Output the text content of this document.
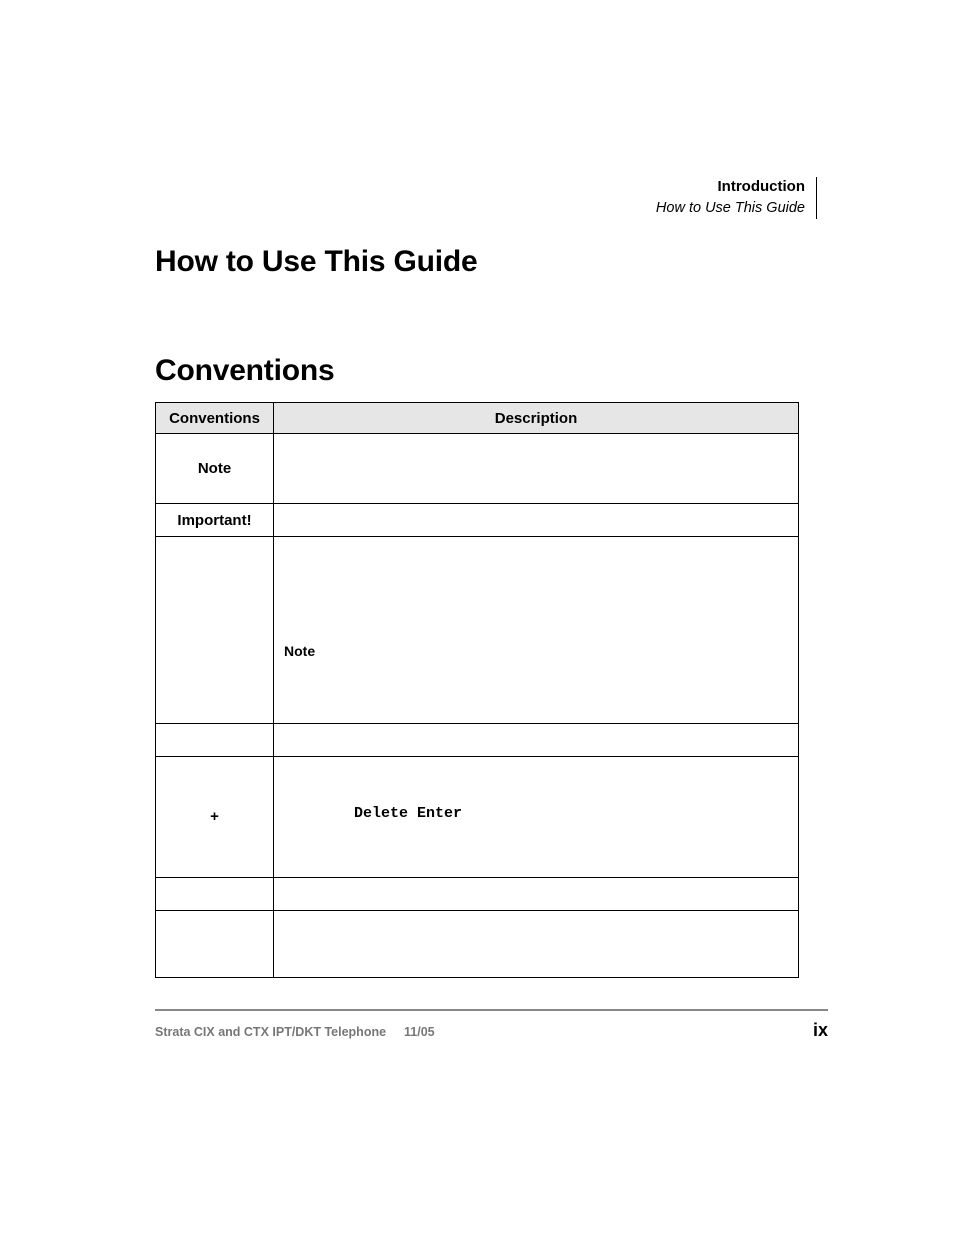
Introduction
How to Use This Guide
How to Use This Guide
Conventions
Conventions	Description
Note	
Important!	

	Note

+	Delete Enter

Strata CIX and CTX IPT/DKT Telephone 11/05	ix
